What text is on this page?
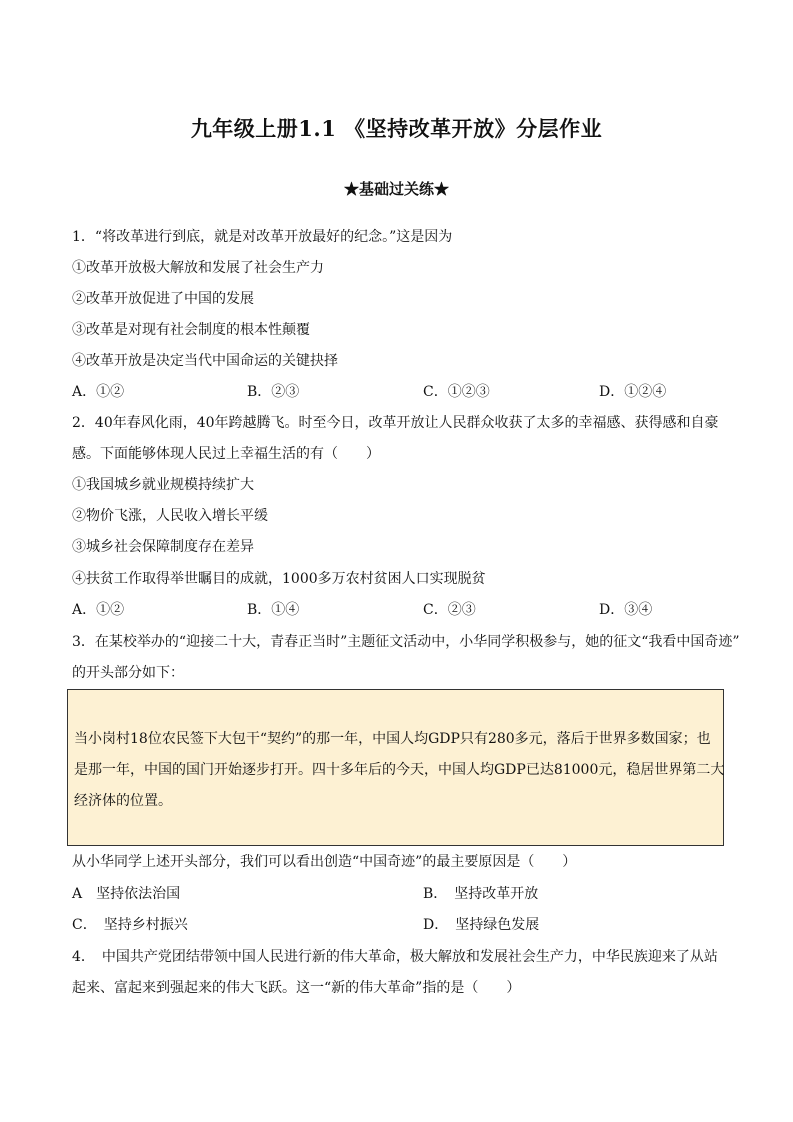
九年级上册1.1 《坚持改革开放》分层作业
★基础过关练★
1．“将改革进行到底，就是对改革开放最好的纪念。”这是因为
①改革开放极大解放和发展了社会生产力
②改革开放促进了中国的发展
③改革是对现有社会制度的根本性颠覆
④改革开放是决定当代中国命运的关键抉择
A．①②	B．②③	C．①②③	D．①②④
2．40年春风化雨，40年跨越腾飞。时至今日，改革开放让人民群众收获了太多的幸福感、获得感和自豪
感。下面能够体现人民过上幸福生活的有（　　）
①我国城乡就业规模持续扩大
②物价飞涨，人民收入增长平缓
③城乡社会保障制度存在差异
④扶贫工作取得举世瞩目的成就，1000多万农村贫困人口实现脱贫
A．①②	B．①④	C．②③	D．③④
3．在某校举办的“迎接二十大，青春正当时”主题征文活动中，小华同学积极参与，她的征文“我看中国奇迹”
的开头部分如下：
当小岗村18位农民签下大包干“契约”的那一年，中国人均GDP只有280多元，落后于世界多数国家；也
是那一年，中国的国门开始逐步打开。四十多年后的今天，中国人均GDP已达81000元，稳居世界第二大
经济体的位置。
从小华同学上述开头部分，我们可以看出创造“中国奇迹”的最主要原因是（　　）
A　坚持依法治国	B．　坚持改革开放
C．　坚持乡村振兴	D．　坚持绿色发展
4．　中国共产党团结带领中国人民进行新的伟大革命，极大解放和发展社会生产力，中华民族迎来了从站
起来、富起来到强起来的伟大飞跃。这一“新的伟大革命”指的是（　　）
